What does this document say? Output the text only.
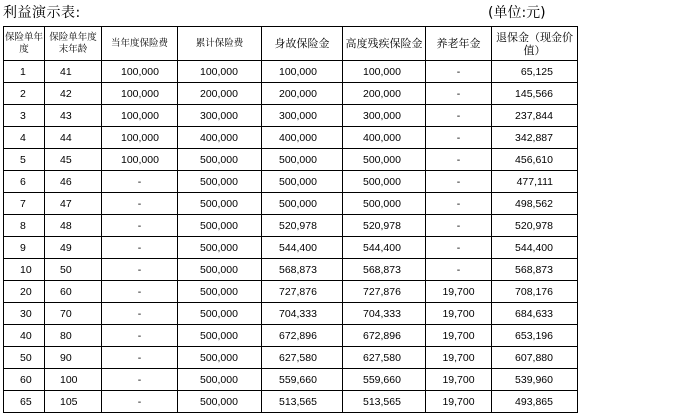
利益演示表:	(单位:元)
保险单年度	保险单年度末年龄	当年度保险费	累计保险费	身故保险金	高度残疾保险金	养老年金	退保金（现金价值）
1	41	100,000	100,000	100,000	100,000	-	65,125
2	42	100,000	200,000	200,000	200,000	-	145,566
3	43	100,000	300,000	300,000	300,000	-	237,844
4	44	100,000	400,000	400,000	400,000	-	342,887
5	45	100,000	500,000	500,000	500,000	-	456,610
6	46	-	500,000	500,000	500,000	-	477,111
7	47	-	500,000	500,000	500,000	-	498,562
8	48	-	500,000	520,978	520,978	-	520,978
9	49	-	500,000	544,400	544,400	-	544,400
10	50	-	500,000	568,873	568,873	-	568,873
20	60	-	500,000	727,876	727,876	19,700	708,176
30	70	-	500,000	704,333	704,333	19,700	684,633
40	80	-	500,000	672,896	672,896	19,700	653,196
50	90	-	500,000	627,580	627,580	19,700	607,880
60	100	-	500,000	559,660	559,660	19,700	539,960
65	105	-	500,000	513,565	513,565	19,700	493,865
